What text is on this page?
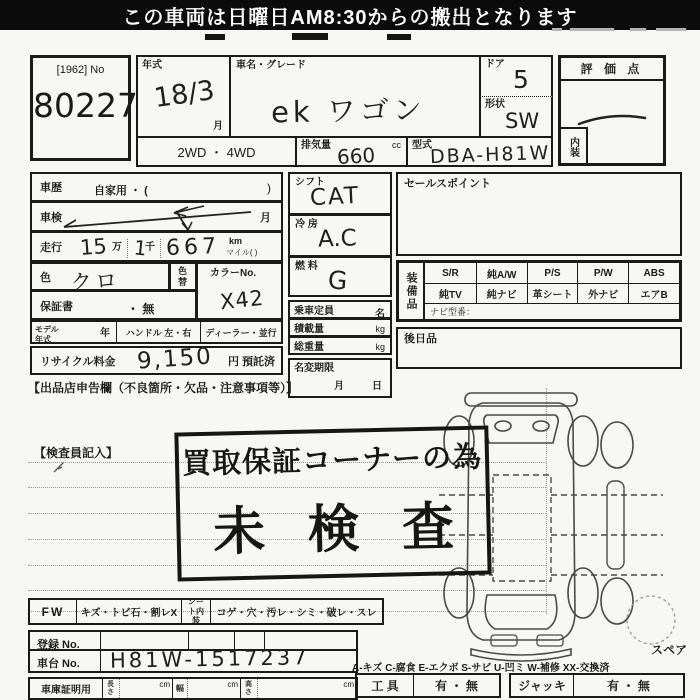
この車両は日曜日AM8:30からの搬出となります
[1962] No
80227
年式
18/3
月
車名・グレード
ek ワゴン
ドア
5
形状
SW
2WD ・ 4WD	排気量	cc
660	型式
DBA-H81W
評 価 点
内装
車歴	自家用 ・ (	)
車検	月
走行 15 万 1
千 667 km
マイル( )
色 クロ	色替
カラーNo.
X42
保証書	・ 無
シフト
CAT
冷 房
A.C
燃 料 G
乗車定員	名
積載量	kg
総重量	kg
名変期限
月	日
セールスポイント
装備品	S/R	純A/W	P/S	P/W	ABS
純TV 純ナビ 革シート 外ナビ エアB
ナビ型番：
後日品
モデル年式
年 ハンドル 左・右 ディーラー・並行
リサイクル料金 9,150 円 預託済
【出品店申告欄（不良箇所・欠品・注意事項等）】
【検査員記入】
スペア
買取保証コーナーの為
未 検 査
FW キズ・トビ石・割レX
シート内装
コゲ・穴・汚レ・シミ・破レ・スレ
登録 No.
車台 No. H81W-1517237
車庫証明用
長さ
cm 幅	cm 高さ
cm
A-キズ C-腐食 E-エクボ S-サビ U-凹ミ W-補修 XX-交換済
工 具	有 ・ 無	ジャッキ	有 ・ 無
